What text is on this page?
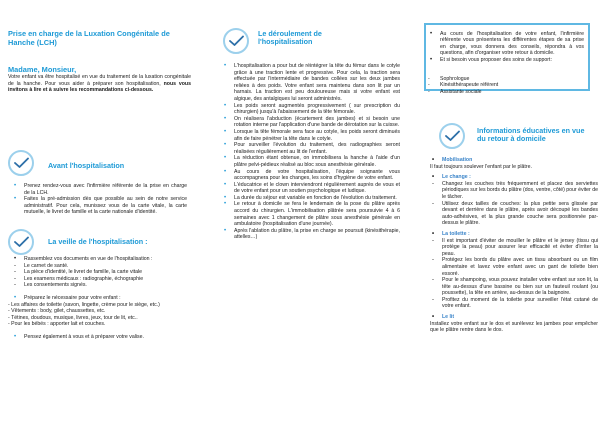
Prise en charge de la Luxation Congénitale de Hanche (LCH)
Madame, Monsieur,
Votre enfant va être hospitalisé en vue du traitement de la luxation congénitale de la hanche. Pour vous aider à préparer son hospitalisation, nous vous invitons à lire et à suivre les recommandations ci-dessous.
Avant l'hospitalisation
• Prenez rendez-vous avec l'infirmière référente de la prise en charge de la LCH.
• Faites la pré-admission dès que possible au sein de notre service administratif. Pour cela, munissez vous de la carte vitale, la carte mutuelle, le livret de famille et la carte nationale d'identité.
La veille de l'hospitalisation :
• Rassemblez vos documents en vue de l'hospitalisation :
- Le carnet de santé.
- La pièce d'identité, le livret de famille, la carte vitale
- Les examens médicaux : radiographie, échographie
- Les consentements signés.
• Préparez le nécessaire pour votre enfant :
- Les affaires de toilette (savon, lingette, crème pour le siège, etc.)
- Vêtements : body, gilet, chaussettes, etc.
- Tétines, doudous, musique, livres, jeux, tour de lit, etc..
- Pour les bébés : apporter lait et couches.
• Pensez également à vous et à préparer votre valise.
Le déroulement de
l'hospitalisation
• L'hospitalisation a pour but de réintégrer la tête du fémur dans le cotyle grâce à une traction lente et progressive. Pour cela, la traction sera effectuée par l'intermédiaire de bandes collées sur les deux jambes reliées à des poids. Votre enfant sera maintenu dans son lit par un harnais. La traction est peu douloureuse mais si votre enfant est algique, des antalgiques lui seront administrés.
• Les poids seront augmentés progressivement ( sur prescription du chirurgien) jusqu'à l'abaissement de la tête fémorale.
• On réalisera l'abduction (écartement des jambes) et si besoin une rotation interne par l'application d'une bande de dérotation sur la cuisse.
• Lorsque la tête fémorale sera face au cotyle, les poids seront diminués afin de faire pénétrer la tête dans le cotyle.
• Pour surveiller l'évolution du traitement, des radiographies seront réalisées régulièrement au lit de l'enfant.
• La réduction étant obtenue, on immobilisera la hanche à l'aide d'un plâtre pelvi-pédieux réalisé au bloc sous anesthésie générale.
• Au cours de votre hospitalisation, l'équipe soignante vous accompagnera pour les changes, les soins d'hygiène de votre enfant.
• L'éducatrice et le clown interviendront régulièrement auprès de vous et de votre enfant pour un soutien psychologique et ludique.
• La durée du séjour est variable en fonction de l'évolution du traitement.
• Le retour à domicile se fera le lendemain de la pose du plâtre après accord du chirurgien. L'immobilisation plâtrée sera poursuivie 4 à 6 semaines avec 1 changement de plâtre sous anesthésie générale en ambulatoire (hospitalisation d'une journée).
• Après l'ablation du plâtre, la prise en charge se poursuit (kinésithérapie, attelles…)
• Au cours de l'hospitalisation de votre enfant, l'infirmière référente vous présentera les différentes étapes de sa prise en charge, vous donnera des conseils, répondra à vos questions, afin d'organiser votre retour à domicile.
• Et si besoin vous proposer des soins de support:
- Sophrologue
- Kinésithérapeute référent
- Assistante sociale
Informations éducatives en vue
du retour à domicile
• Mobilisation
Il faut toujours soulever l'enfant par le plâtre.
• Le change :
- Changez les couches très fréquemment et placez des serviettes périodiques sur les bords du plâtre (dos, ventre, côté) pour éviter de le tâcher.
- Utilisez deux tailles de couches: la plus petite sera glissée par devant et derrière dans le plâtre, après avoir découpé les bandes auto-adhésives, et la plus grande couche sera positionnée par-dessus le plâtre.
• La toilette :
- Il est important d'éviter de mouiller le plâtre et le jersey (tissu qui protège la peau) pour assurer leur efficacité et éviter d'irriter la peau.
- Protégez les bords du plâtre avec un tissu absorbant ou un film alimentaire et lavez votre enfant avec un gant de toilette bien essoré.
- Pour le shampoing, vous pouvez installer votre enfant sur son lit, la tête au-dessus d'une bassine ou bien sur un fauteuil roulant (ou poussette), la tête en arrière, au-dessus de la baignoire.
- Profitez du moment de la toilette pour surveiller l'état cutané de votre enfant.
• Le lit
Installez votre enfant sur le dos et surélevez les jambes pour empêcher que le plâtre rentre dans le dos.
